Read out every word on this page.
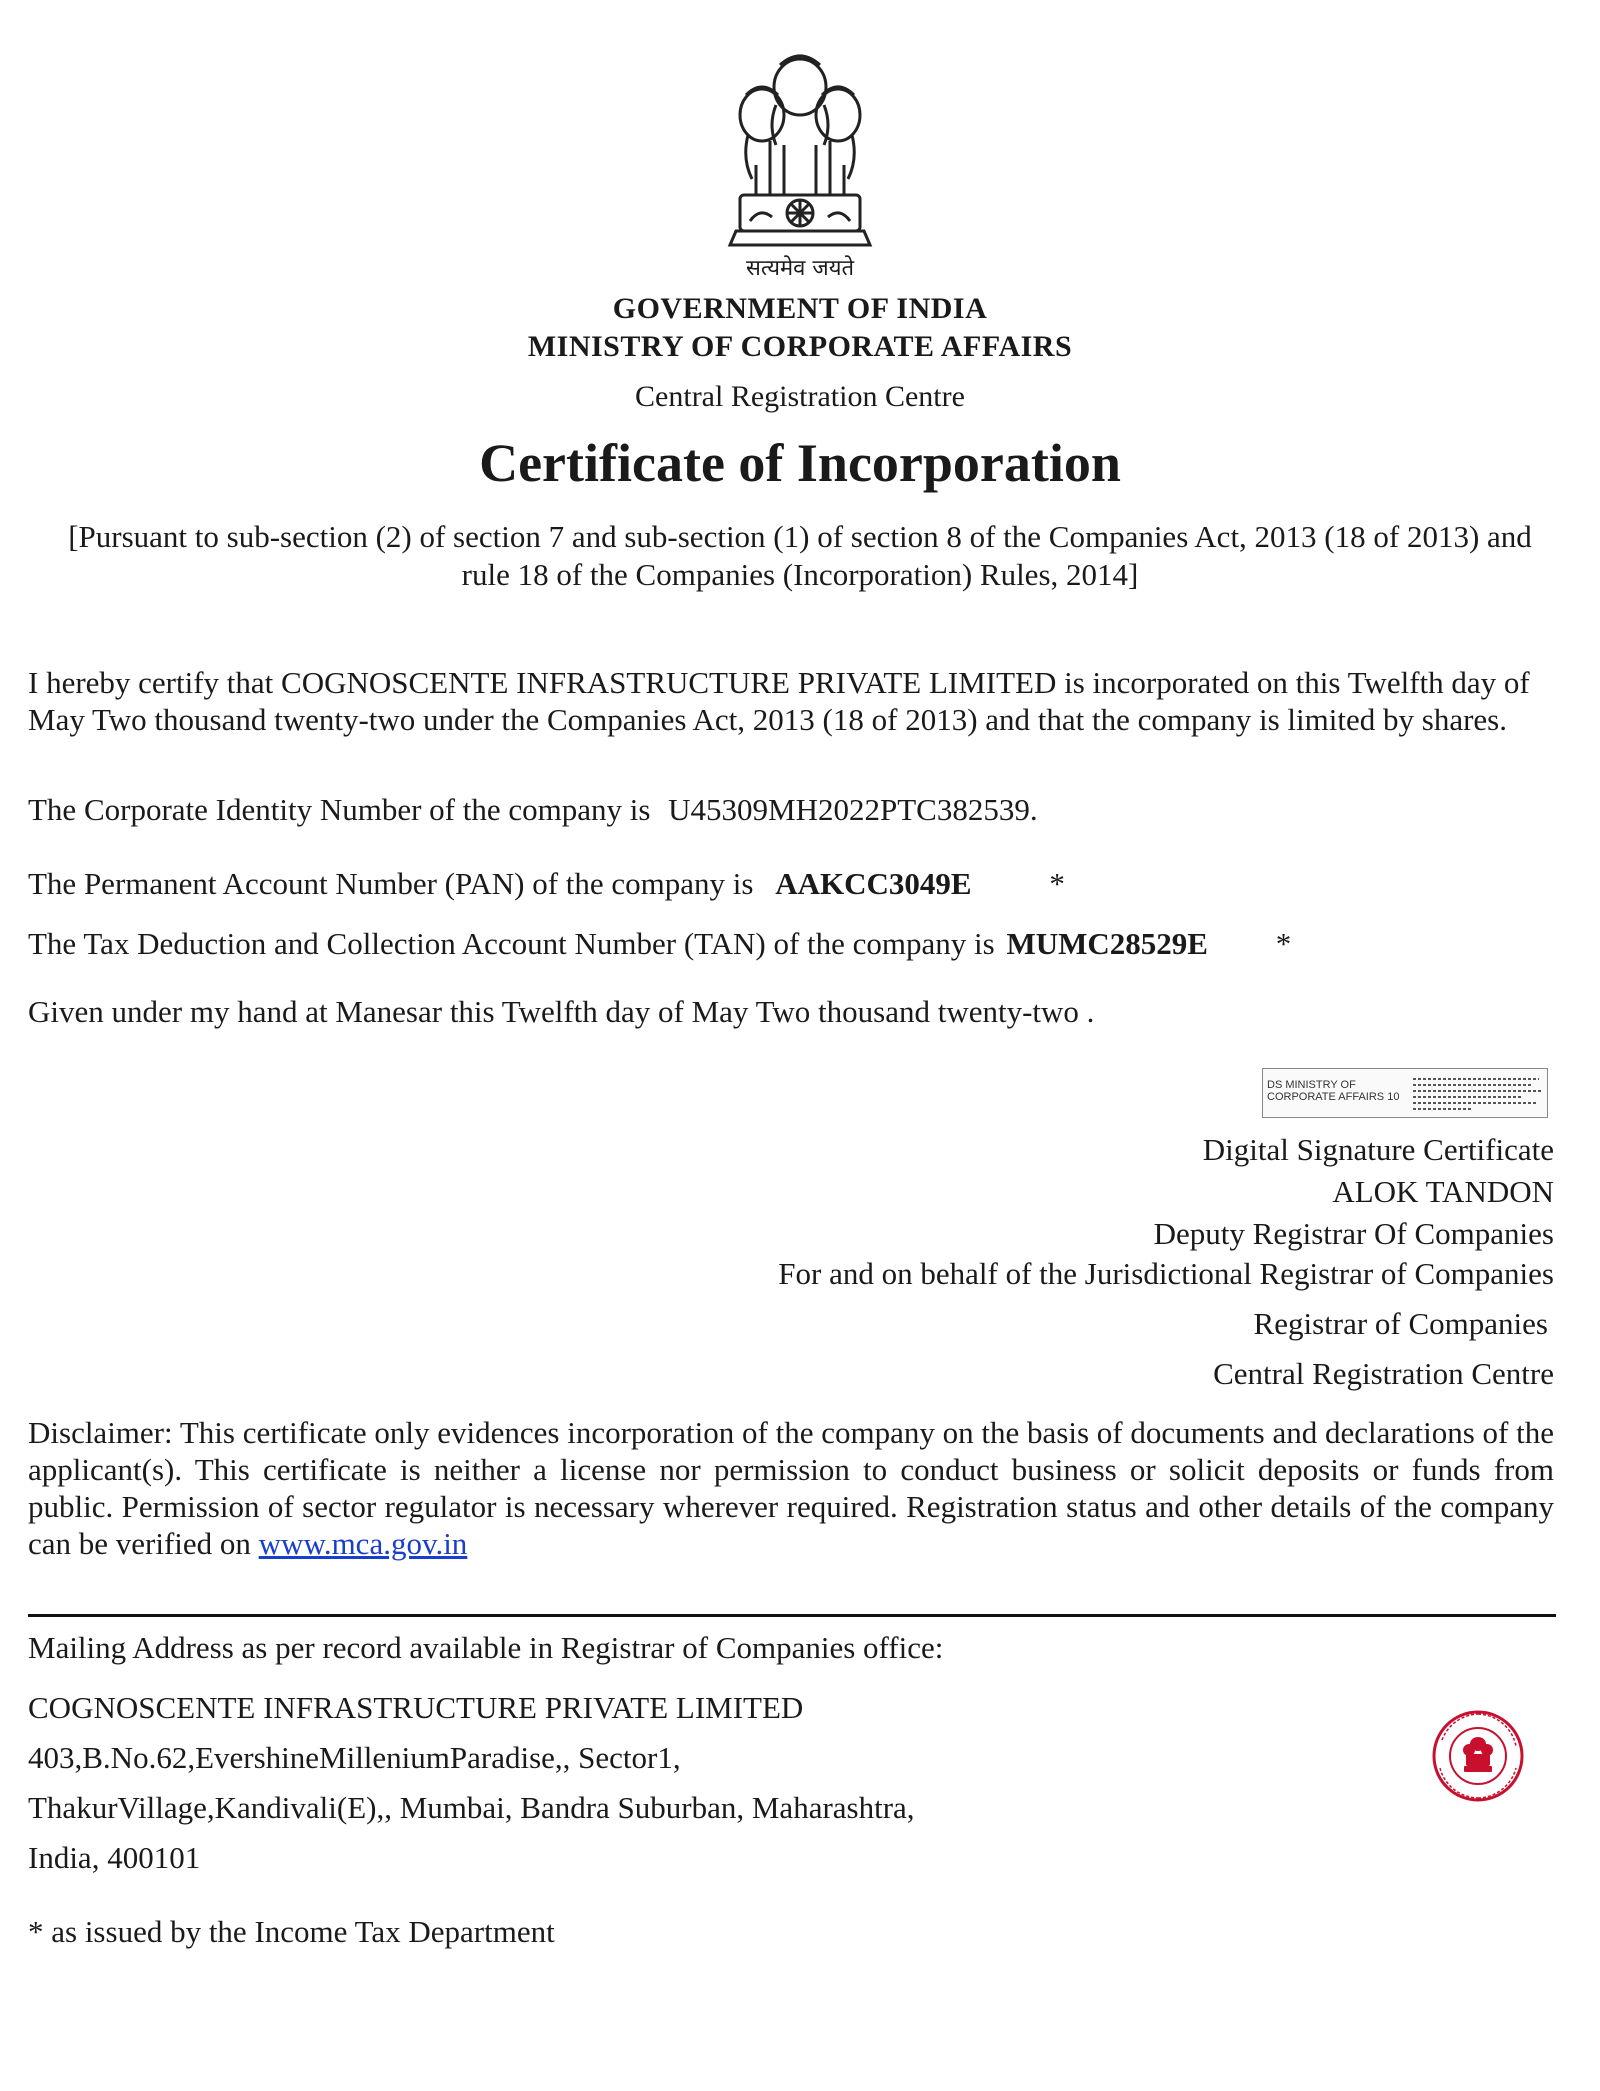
सत्यमेव जयते
GOVERNMENT OF INDIA
MINISTRY OF CORPORATE AFFAIRS
Central Registration Centre
Certificate of Incorporation
[Pursuant to sub-section (2) of section 7 and sub-section (1) of section 8 of the Companies Act, 2013 (18 of 2013) and
rule 18 of the Companies (Incorporation) Rules, 2014]
I hereby certify that COGNOSCENTE INFRASTRUCTURE PRIVATE LIMITED is incorporated on this Twelfth day of May Two thousand twenty-two under the Companies Act, 2013 (18 of 2013) and that the company is limited by shares.
The Corporate Identity Number of the company is U45309MH2022PTC382539.
The Permanent Account Number (PAN) of the company is AAKCC3049E	*
The Tax Deduction and Collection Account Number (TAN) of the company is MUMC28529E *
Given under my hand at Manesar this Twelfth day of May Two thousand twenty-two .
DS MINISTRY OF
CORPORATE AFFAIRS 10
Digital Signature Certificate
ALOK TANDON
Deputy Registrar Of Companies
For and on behalf of the Jurisdictional Registrar of Companies
Registrar of Companies
Central Registration Centre
Disclaimer: This certificate only evidences incorporation of the company on the basis of documents and declarations of the applicant(s). This certificate is neither a license nor permission to conduct business or solicit deposits or funds from public. Permission of sector regulator is necessary wherever required. Registration status and other details of the company can be verified on www.mca.gov.in
Mailing Address as per record available in Registrar of Companies office:
COGNOSCENTE INFRASTRUCTURE PRIVATE LIMITED
403,B.No.62,EvershineMilleniumParadise,, Sector1,
ThakurVillage,Kandivali(E),, Mumbai, Bandra Suburban, Maharashtra,
India, 400101
* as issued by the Income Tax Department
